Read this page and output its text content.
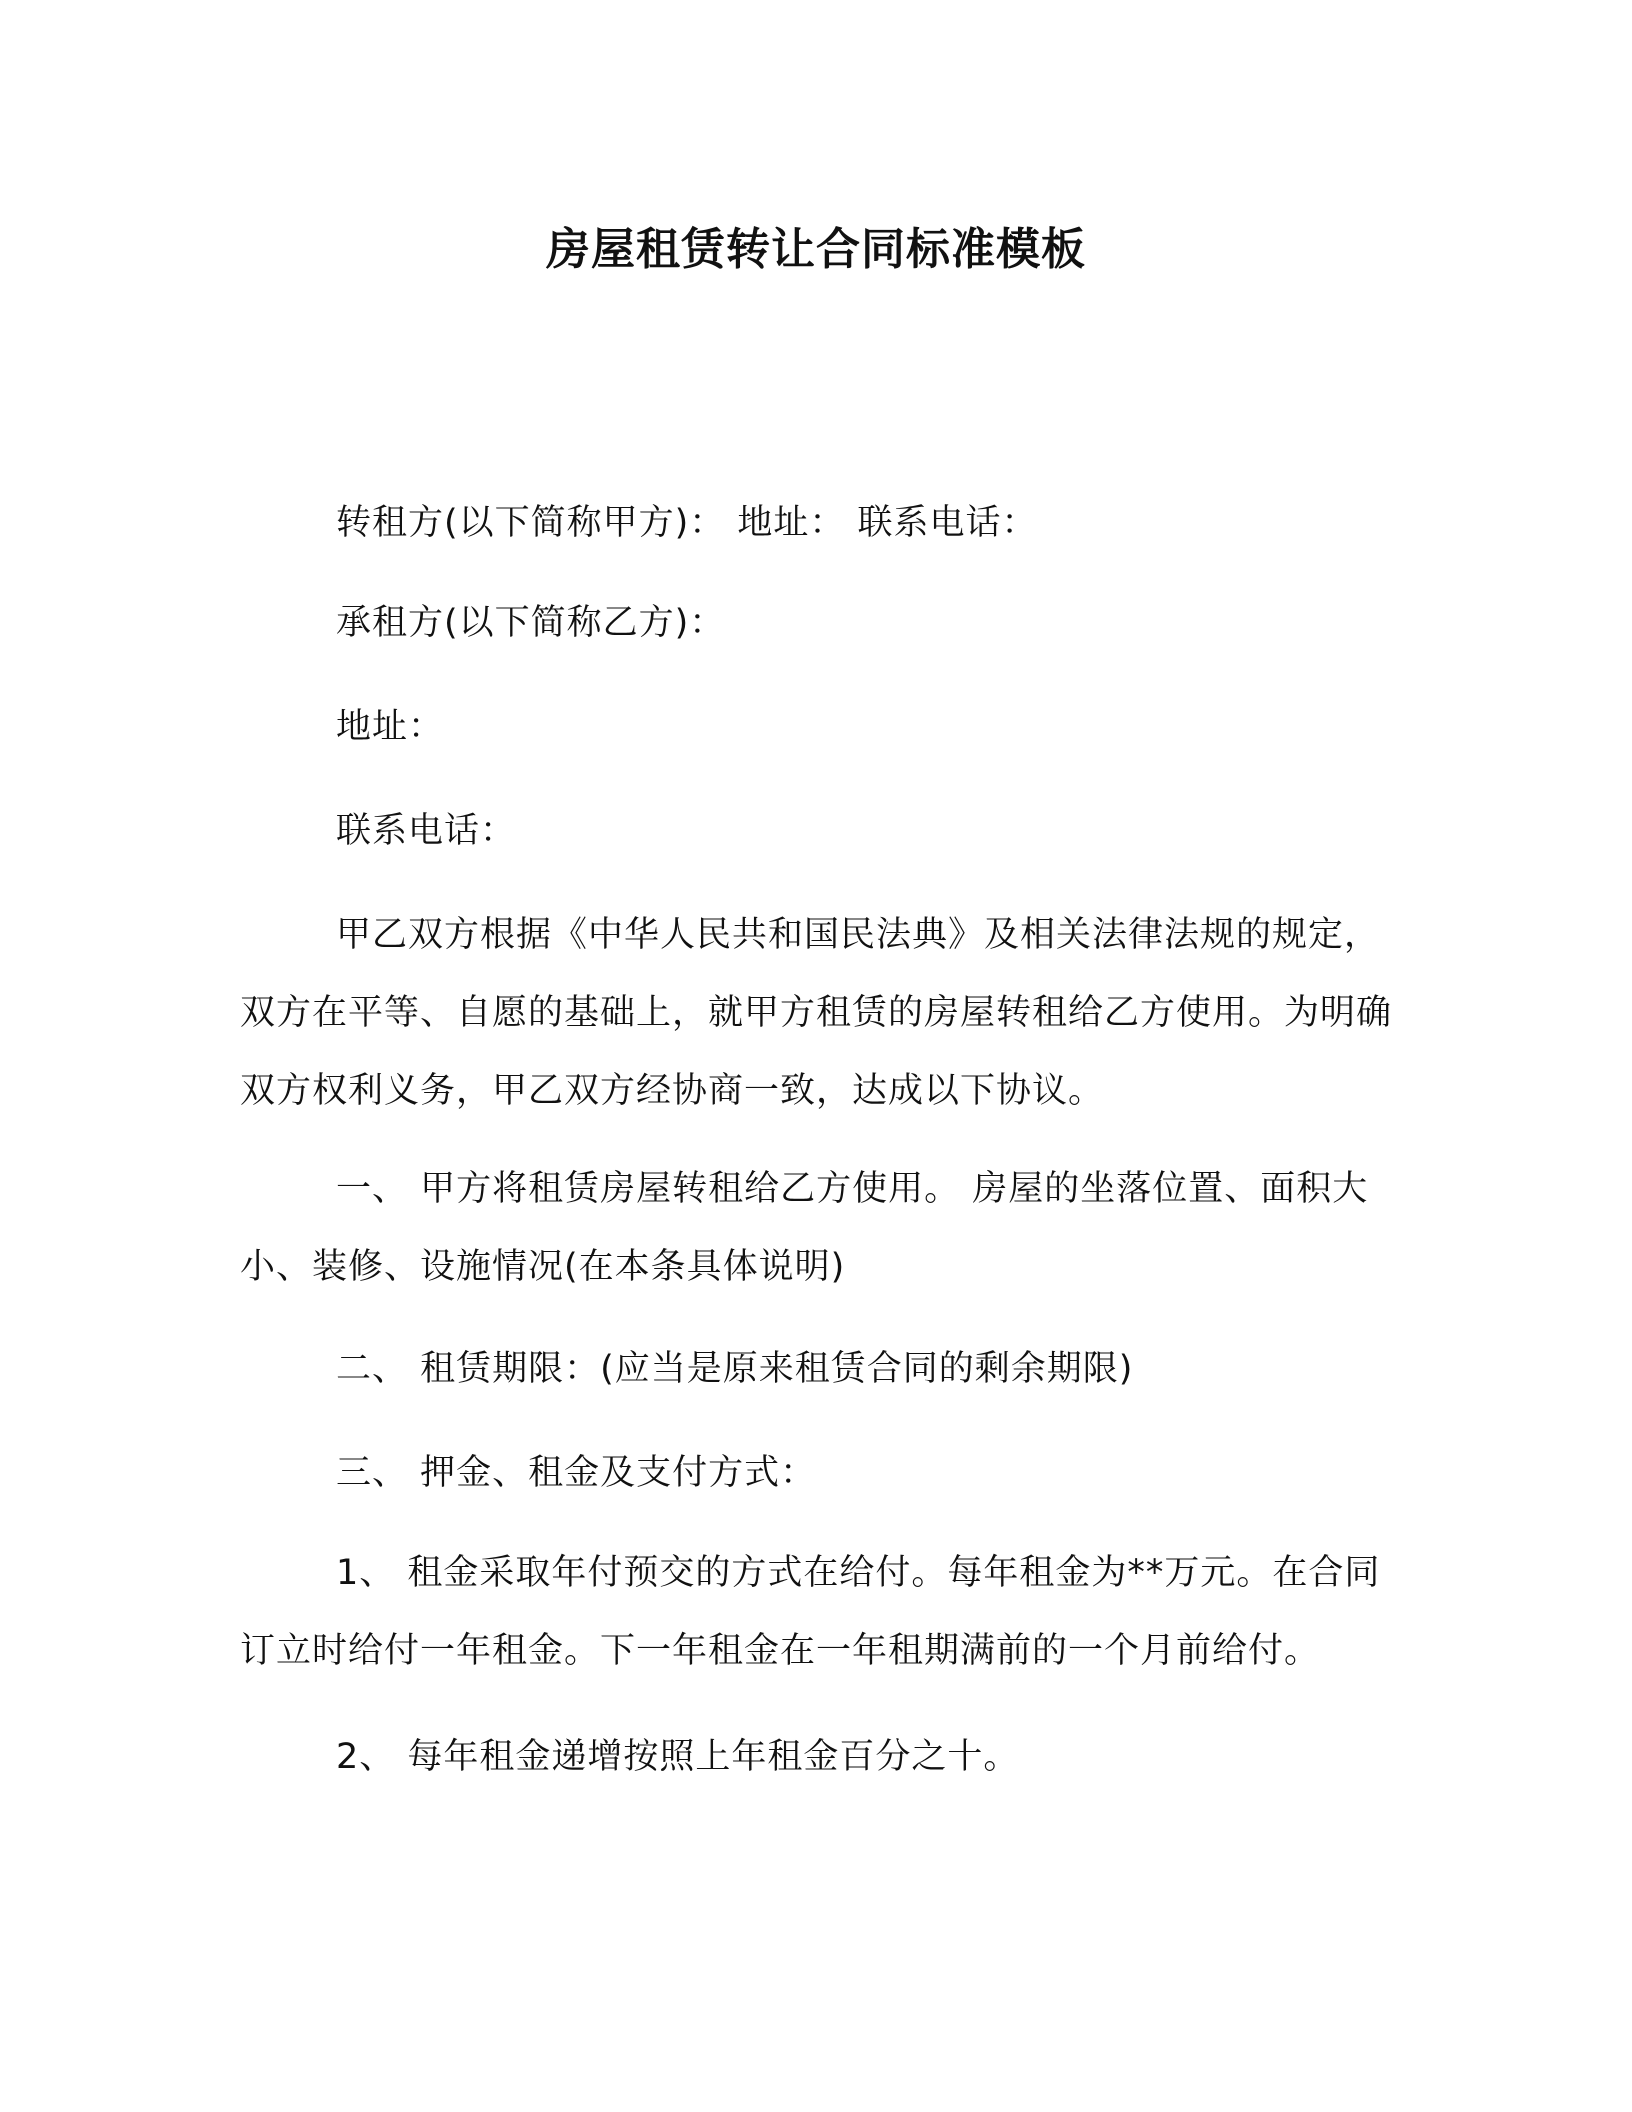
房屋租赁转让合同标准模板

转租方(以下简称甲方)： 地址： 联系电话：

承租方(以下简称乙方)：

地址：

联系电话：

甲乙双方根据《中华人民共和国民法典》及相关法律法规的规定，双方在平等、自愿的基础上，就甲方租赁的房屋转租给乙方使用。为明确双方权利义务，甲乙双方经协商一致，达成以下协议。

一、 甲方将租赁房屋转租给乙方使用。 房屋的坐落位置、面积大小、装修、设施情况(在本条具体说明)

二、 租赁期限：(应当是原来租赁合同的剩余期限)

三、 押金、租金及支付方式：

1、 租金采取年付预交的方式在给付。每年租金为**万元。在合同订立时给付一年租金。下一年租金在一年租期满前的一个月前给付。

2、 每年租金递增按照上年租金百分之十。
